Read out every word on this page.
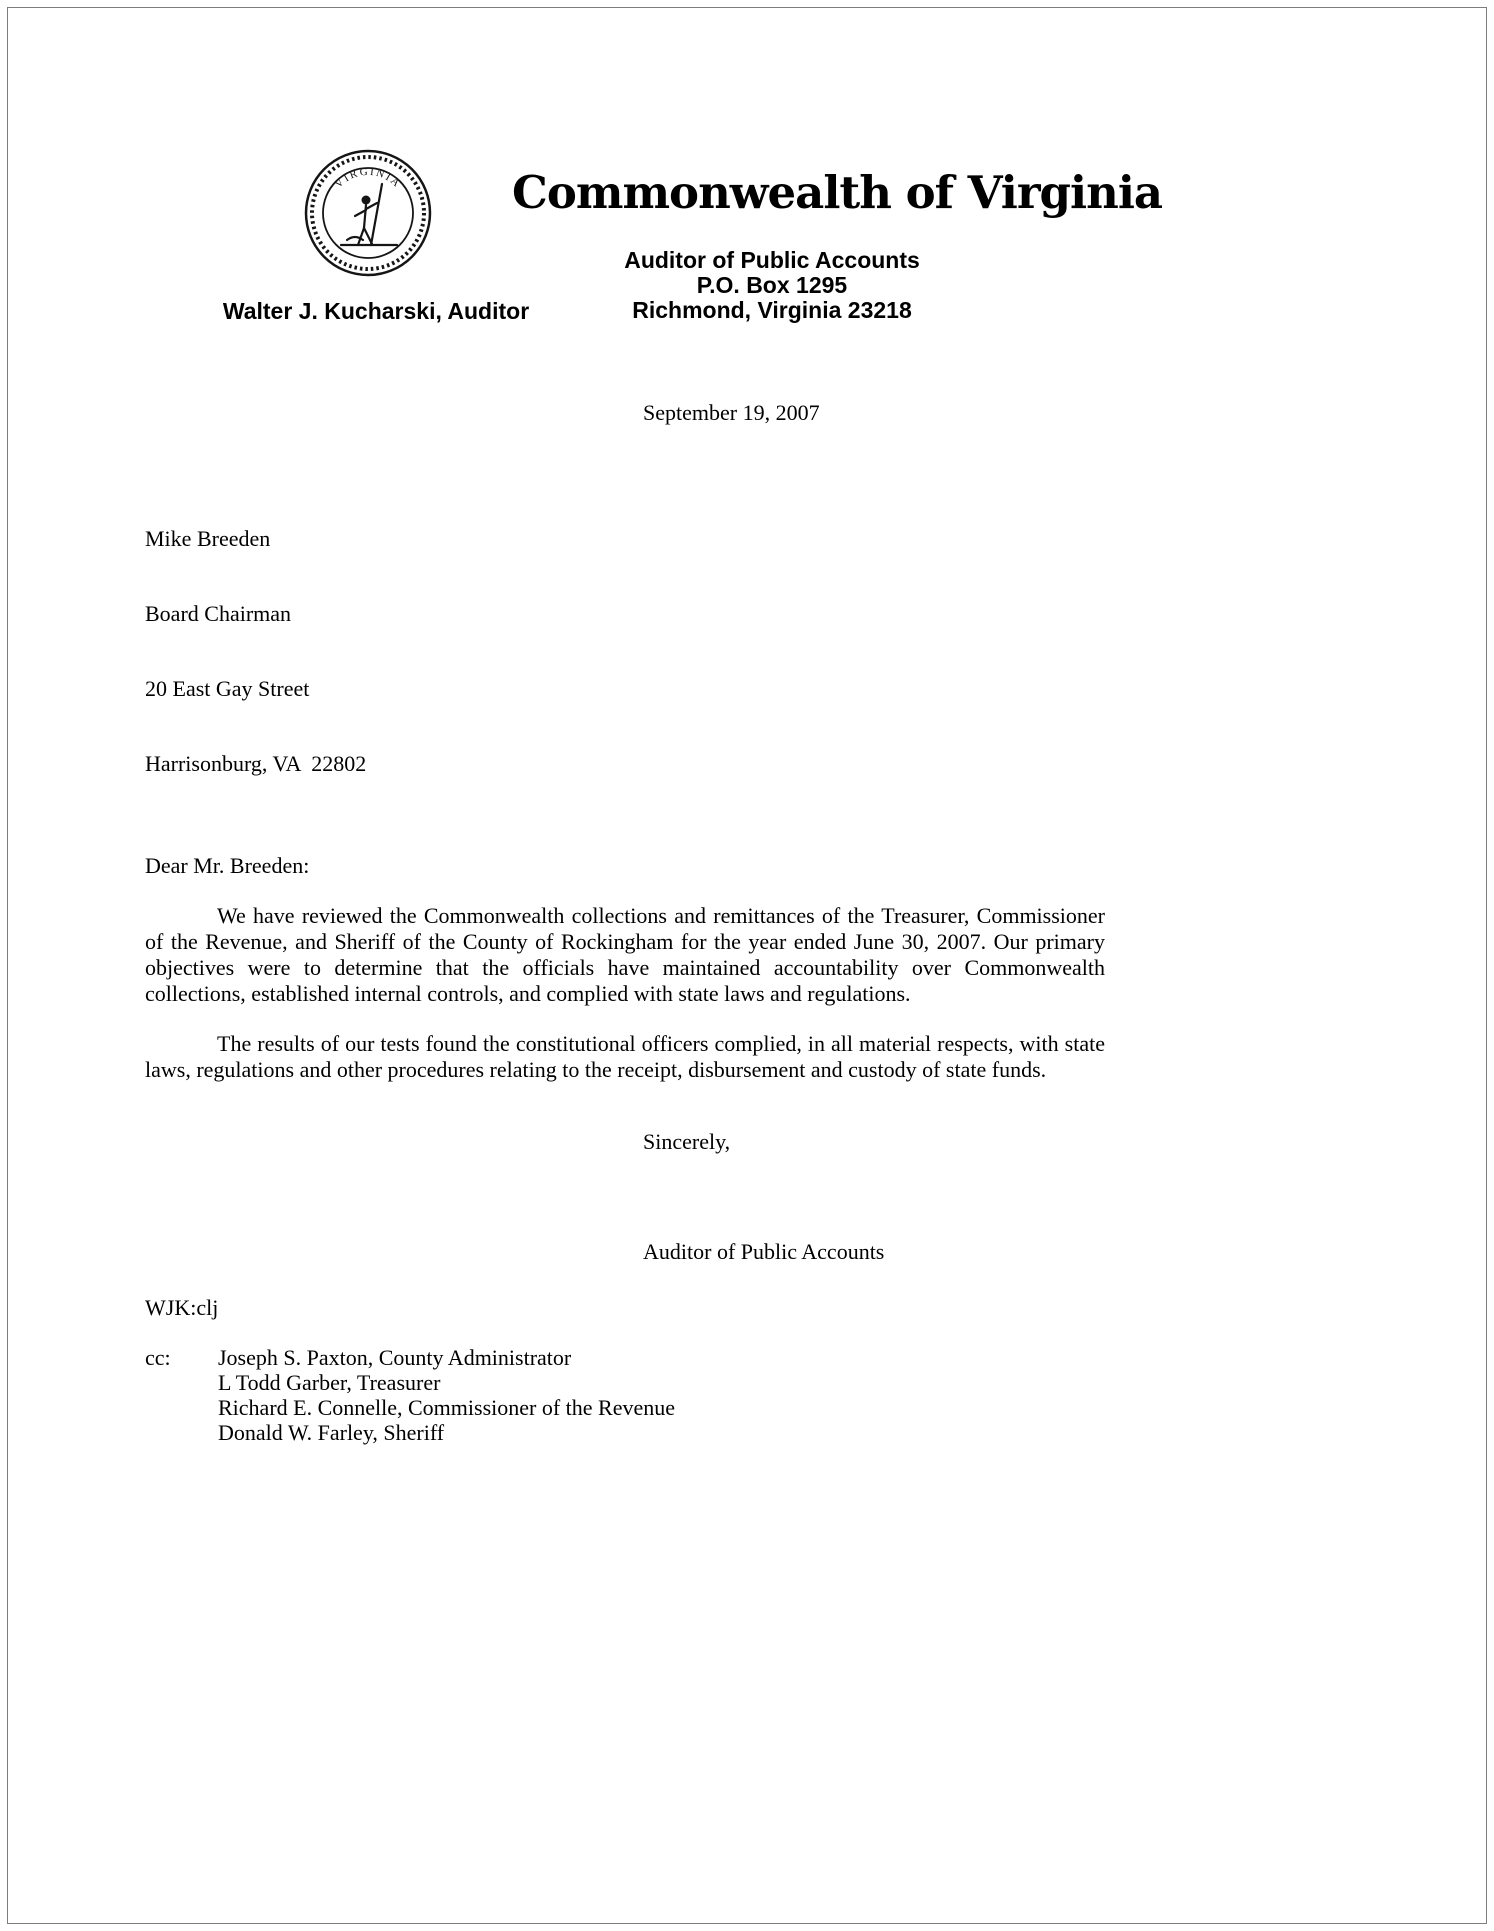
VIRGINIA Commonwealth of Virginia
Auditor of Public Accounts
P.O. Box 1295
Richmond, Virginia 23218
Walter J. Kucharski, Auditor
September 19, 2007

Mike Breeden

Board Chairman

20 East Gay Street

Harrisonburg, VA  22802

Dear Mr. Breeden:

We have reviewed the Commonwealth collections and remittances of the Treasurer, Commissioner of the Revenue, and Sheriff of the County of Rockingham for the year ended June 30, 2007. Our primary objectives were to determine that the officials have maintained accountability over Commonwealth collections, established internal controls, and complied with state laws and regulations.

The results of our tests found the constitutional officers complied, in all material respects, with state laws, regulations and other procedures relating to the receipt, disbursement and custody of state funds.

Sincerely,
Auditor of Public Accounts
WJK:clj
cc:	Joseph S. Paxton, County Administrator
L Todd Garber, Treasurer
Richard E. Connelle, Commissioner of the Revenue
Donald W. Farley, Sheriff
